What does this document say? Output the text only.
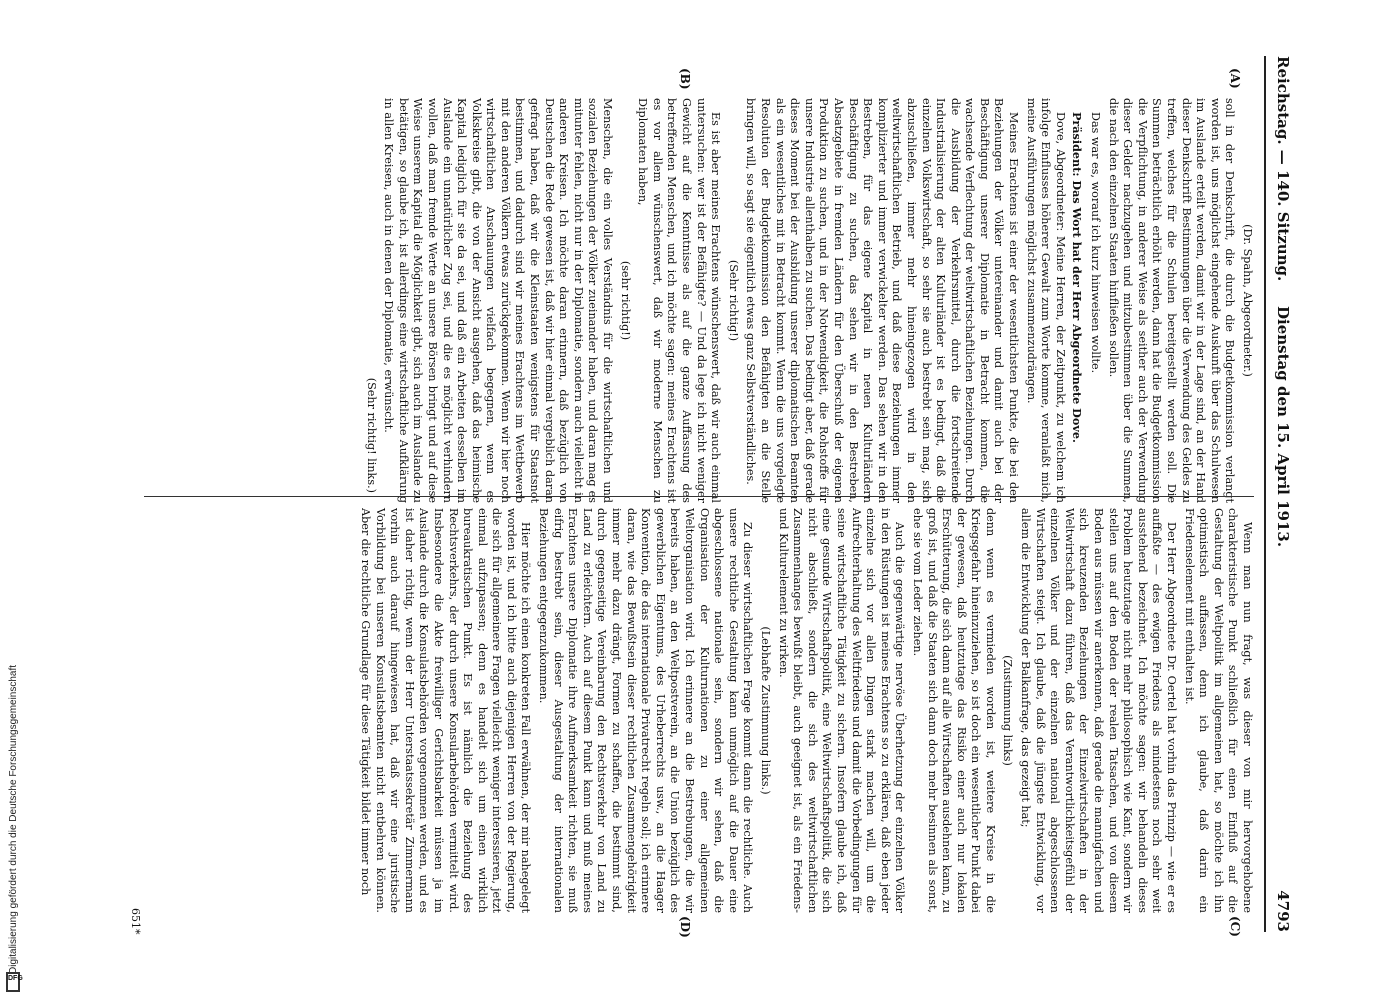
Reichstag. — 140. Sitzung.
Dienstag den 15. April 1913.
4793
(A)
(B)
(C)
(D)

(Dr. Spahn, Abgeordneter.)

soll in der Denkschrift, die durch die Budgetkommission verlangt worden ist, uns möglichst eingehende Auskunft über das Schulwesen im Auslande erteilt werden, damit wir in der Lage sind, an der Hand dieser Denkschrift Bestimmungen über die Verwendung des Geldes zu treffen, welches für die Schulen bereitgestellt werden soll. Die Summen beträchtlich erhöht werden, dann hat die Budgetkommission die Verpflichtung, in anderer Weise als seither auch der Verwendung dieser Gelder nachzugehen und mitzubestimmen über die Summen, die nach den einzelnen Staaten hinfließen sollen.

Das war es, worauf ich kurz hinweisen wollte.

Präsident: Das Wort hat der Herr Abgeordnete Dove.

Dove, Abgeordneter: Meine Herren, der Zeitpunkt, zu welchem ich infolge Einflusses höherer Gewalt zum Worte komme, veranlaßt mich, meine Ausführungen möglichst zusammenzudrängen.

Meines Erachtens ist einer der wesentlichsten Punkte, die bei den Beziehungen der Völker untereinander und damit auch bei der Beschäftigung unserer Diplomatie in Betracht kommen, die wachsende Verflechtung der weltwirtschaftlichen Beziehungen. Durch die Ausbildung der Verkehrsmittel, durch die fortschreitende Industrialisierung der alten Kulturländer ist es bedingt, daß die einzelnen Volkswirtschaft, so sehr sie auch bestrebt sein mag, sich abzuschließen, immer mehr hineingezogen wird in den weltwirtschaftlichen Betrieb, und daß diese Beziehungen immer komplizierter und immer verwickelter werden. Das sehen wir in den Bestreben, für das eigene Kapital in neuen Kulturländern Beschäftigung zu suchen, das sehen wir in den Bestreben, Absatzgebiete in fremden Ländern für den Überschuß der eigenen Produktion zu suchen, und in der Notwendigkeit, die Rohstoffe für unsere Industrie allenthalben zu suchen. Das bedingt aber, daß gerade dieses Moment bei der Ausbildung unserer diplomatischen Beamten als ein wesentliches mit in Betracht kommt. Wenn die uns vorgelegte Resolution der Budgetkommission den Befähigten an die Stelle bringen will, so sagt sie eigentlich etwas ganz Selbstverständliches.

(Sehr richtig!)

Es ist aber meines Erachtens wünschenswert, daß wir auch einmal untersuchen: wer ist der Befähigte? — Und da lege ich nicht weniger Gewicht auf die Kenntnisse als auf die ganze Auffassung des betreffenden Menschen, und ich möchte sagen: meines Erachtens ist es vor allem wünschenswert, daß wir moderne Menschen zu Diplomaten haben,

(sehr richtig!)

Menschen, die ein volles Verständnis für die wirtschaftlichen und sozialen Beziehungen der Völker zueinander haben, und daran mag es mitunter fehlen, nicht nur in der Diplomatie, sondern auch vielleicht in anderen Kreisen. Ich möchte daran erinnern, daß bezüglich von Deutschen die Rede gewesen ist, daß wir hier einmal vergeblich daran gefragt haben, daß wir die Kleinstaaten wenigstens für Staatsnot bestimmen, und dadurch sind wir meines Erachtens im Wettbewerb mit den anderen Völkern etwas zurückgekommen. Wenn wir hier noch wirtschaftlichen Anschauungen vielfach begegnen, wenn es Volkskreise gibt, die von der Ansicht ausgehen, daß das heimische Kapital lediglich für sie da sei, und daß ein Arbeiten desselben im Auslande ein unnatürlicher Zug sei, und die es möglicht verhindern wollen, daß man fremde Werte an unsere Börsen bringt und auf diese Weise unserem Kapital die Möglichkeit gibt, sich auch im Auslande zu betätigen, so glaube ich, ist allerdings eine wirtschaftliche Aufklärung in allen Kreisen, auch in denen der Diplomatie, erwünscht.

(Sehr richtig! links.)

Wenn man nun fragt, was dieser von mir hervorgehobene charakteristische Punkt schließlich für einen Einfluß auf die Gestaltung der Weltpolitik im allgemeinen hat, so möchte ich ihn optimistisch auffassen, denn ich glaube, daß darin ein Friedenselement mit enthalten ist.

Der Herr Abgeordnete Dr. Oertel hat vorhin das Prinzip — wie er es auffaßte — des ewigen Friedens als mindestens noch sehr weit ausstehend bezeichnet. Ich möchte sagen: wir behandeln dieses Problem heutzutage nicht mehr philosophisch wie Kant, sondern wir stellen uns auf den Boden der realen Tatsachen, und von diesem Boden aus müssen wir anerkennen, daß gerade die mannigfachen und sich kreuzenden Beziehungen der Einzelwirtschaften in der Weltwirtschaft dazu führen, daß das Verantwortlichkeitsgefühl der einzelnen Völker und der einzelnen national abgeschlossenen Wirtschaften steigt. Ich glaube, daß die jüngste Entwicklung, vor allem die Entwicklung der Balkanfrage, das gezeigt hat;

(Zustimmung links)

denn wenn es vermieden worden ist, weitere Kreise in die Kriegsgefahr hineinzuziehen, so ist doch ein wesentlicher Punkt dabei der gewesen, daß heutzutage das Risiko einer auch nur lokalen Erschütterung, die sich dann auf alle Wirtschaften ausdehnen kann, zu groß ist, und daß die Staaten sich dann doch mehr besinnen als sonst, ehe sie vom Leder ziehen.

Auch die gegenwärtige nervöse Überhetzung der einzelnen Völker in den Rüstungen ist meines Erachtens so zu erklären, daß eben jeder einzelne sich vor allen Dingen stark machen will, um die Aufrechterhaltung des Weltfriedens und damit die Vorbedingungen für seine wirtschaftliche Tätigkeit zu sichern. Insofern glaube ich, daß eine gesunde Wirtschaftspolitik, eine Weltwirtschaftspolitik, die sich nicht abschließt, sondern die sich des weltwirtschaftlichen Zusammenhanges bewußt bleibt, auch geeignet ist, als ein Friedens- und Kulturelement zu wirken.

(Lebhafte Zustimmung links.)

Zu dieser wirtschaftlichen Frage kommt dann die rechtliche. Auch unsere rechtliche Gestaltung kann unmöglich auf die Dauer eine abgeschlossene nationale sein, sondern wir sehen, daß die Organisation der Kulturnationen zu einer allgemeinen Weltorganisation wird. Ich erinnere an die Bestrebungen, die wir bereits haben, an den Weltpostverein, an die Union bezüglich des gewerblichen Eigentums, des Urheberrechts usw., an die Haager Konvention, die das internationale Privatrecht regeln soll; ich erinnere daran, wie das Bewußtsein dieser rechtlichen Zusammengehörigkeit immer mehr dazu drängt, Formen zu schaffen, die bestimmt sind, durch gegenseitige Vereinbarung den Rechtsverkehr von Land zu Land zu erleichtern. Auch auf diesem Punkt kann und muß meines Erachtens unsere Diplomatie ihre Aufmerksamkeit richten, sie muß eifrig bestrebt sein, dieser Ausgestaltung der internationalen Beziehungen entgegenzukommen.

Hier möchte ich einen konkreten Fall erwähnen, der mir nahegelegt worden ist, und ich bitte auch diejenigen Herren von der Regierung, die sich für allgemeinere Fragen vielleicht weniger interessieren, jetzt einmal aufzupassen; denn es handelt sich um einen wirklich bureaukratischen Punkt. Es ist nämlich die Beziehung des Rechtsverkehrs, der durch unsere Konsularbehörden vermittelt wird. Insbesondere die Akte freiwilliger Gerichtsbarkeit müssen ja im Auslande durch die Konsulatsbehörden vorgenommen werden, und es ist daher richtig, wenn der Herr Unterstaatssekretär Zimmermann vorhin auch darauf hingewiesen hat, daß wir eine juristische Vorbildung bei unseren Konsulatsbeamten nicht entbehren können. Aber die rechtliche Grundlage für diese Tätigkeit bildet immer noch

651*
Digitalisierung gefördert durch die Deutsche Forschungsgemeinschaft
DFG
